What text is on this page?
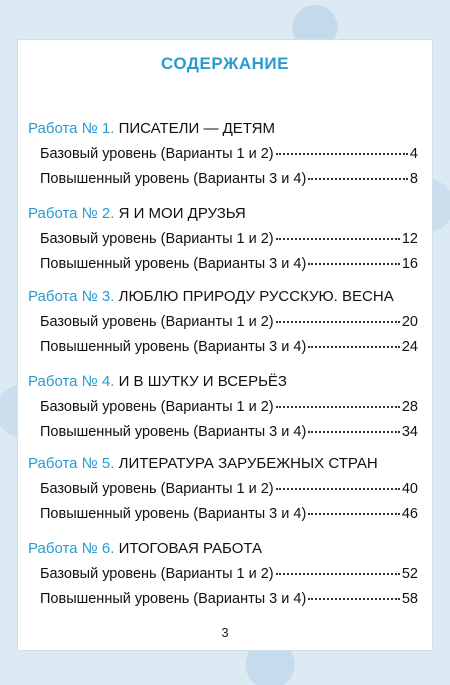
СОДЕРЖАНИЕ
Работа № 1. ПИСАТЕЛИ — ДЕТЯМ
Базовый уровень (Варианты 1 и 2)	4
Повышенный уровень (Варианты 3 и 4)	8
Работа № 2. Я И МОИ ДРУЗЬЯ
Базовый уровень (Варианты 1 и 2)	12
Повышенный уровень (Варианты 3 и 4)	16
Работа № 3. ЛЮБЛЮ ПРИРОДУ РУССКУЮ. ВЕСНА
Базовый уровень (Варианты 1 и 2)	20
Повышенный уровень (Варианты 3 и 4)	24
Работа № 4. И В ШУТКУ И ВСЕРЬЁЗ
Базовый уровень (Варианты 1 и 2)	28
Повышенный уровень (Варианты 3 и 4)	34
Работа № 5. ЛИТЕРАТУРА ЗАРУБЕЖНЫХ СТРАН
Базовый уровень (Варианты 1 и 2)	40
Повышенный уровень (Варианты 3 и 4)	46
Работа № 6. ИТОГОВАЯ РАБОТА
Базовый уровень (Варианты 1 и 2)	52
Повышенный уровень (Варианты 3 и 4)	58
3
